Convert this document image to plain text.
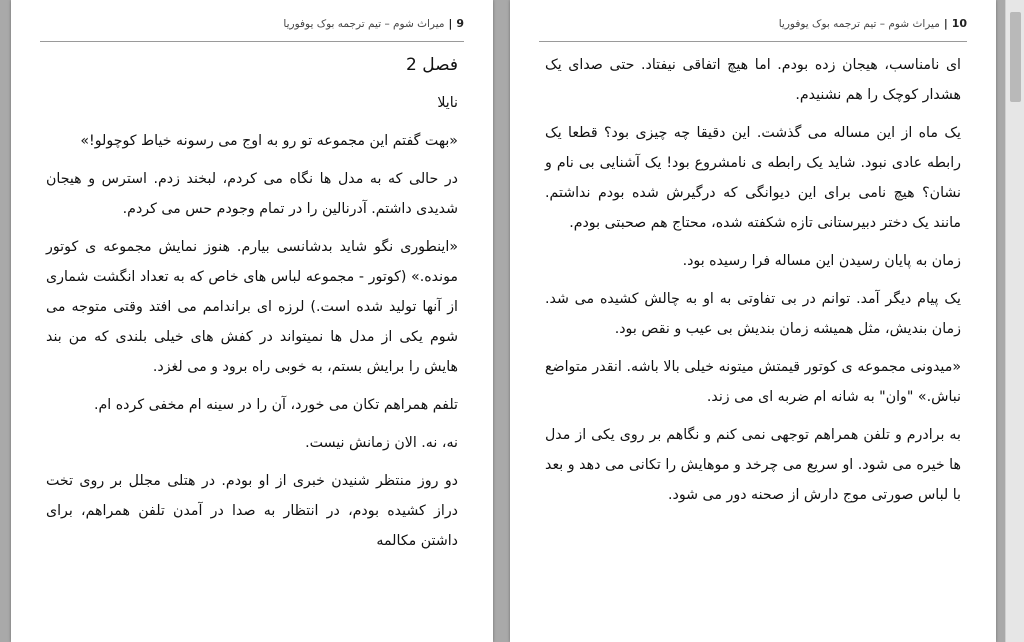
9|میراث شوم – تیم ترجمه بوک یوفوریا

فصل 2

نایلا

«بهت گفتم این مجموعه تو رو به اوج می رسونه خیاط کوچولو!»

در حالی که به مدل ها نگاه می کردم، لبخند زدم. استرس و هیجان شدیدی داشتم. آدرنالین را در تمام وجودم حس می کردم.

«اینطوری نگو شاید بدشانسی بیارم. هنوز نمایش مجموعه ی کوتور مونده.» (کوتور - مجموعه لباس های خاص که به تعداد انگشت شماری از آنها تولید شده است.) لرزه ای براندامم می افتد وقتی متوجه می شوم یکی از مدل ها نمیتواند در کفش های خیلی بلندی که من بند هایش را برایش بستم، به خوبی راه برود و می لغزد.

تلفم همراهم تکان می خورد، آن را در سینه ام مخفی کرده ام.

نه، نه. الان زمانش نیست.

دو روز منتظر شنیدن خبری از او بودم. در هتلی مجلل بر روی تخت دراز کشیده بودم، در انتظار به صدا در آمدن تلفن همراهم، برای داشتن مکالمه

10|میراث شوم – تیم ترجمه بوک یوفوریا

ای نامناسب، هیجان زده بودم. اما هیچ اتفاقی نیفتاد. حتی صدای یک هشدار کوچک را هم نشنیدم.

یک ماه از این مساله می گذشت. این دقیقا چه چیزی بود؟ قطعا یک رابطه عادی نبود. شاید یک رابطه ی نامشروع بود! یک آشنایی بی نام و نشان؟ هیچ نامی برای این دیوانگی که درگیرش شده بودم نداشتم. مانند یک دختر دبیرستانی تازه شکفته شده، محتاج هم صحبتی بودم.

زمان به پایان رسیدن این مساله فرا رسیده بود.

یک پیام دیگر آمد. توانم در بی تفاوتی به او به چالش کشیده می شد. زمان بندیش، مثل همیشه زمان بندیش بی عیب و نقص بود.

«میدونی مجموعه ی کوتور قیمتش میتونه خیلی بالا باشه. انقدر متواضع نباش.» "وان" به شانه ام ضربه ای می زند.

به برادرم و تلفن همراهم توجهی نمی کنم و نگاهم بر روی یکی از مدل ها خیره می شود. او سریع می چرخد و موهایش را تکانی می دهد و بعد با لباس صورتی موج دارش از صحنه دور می شود.
